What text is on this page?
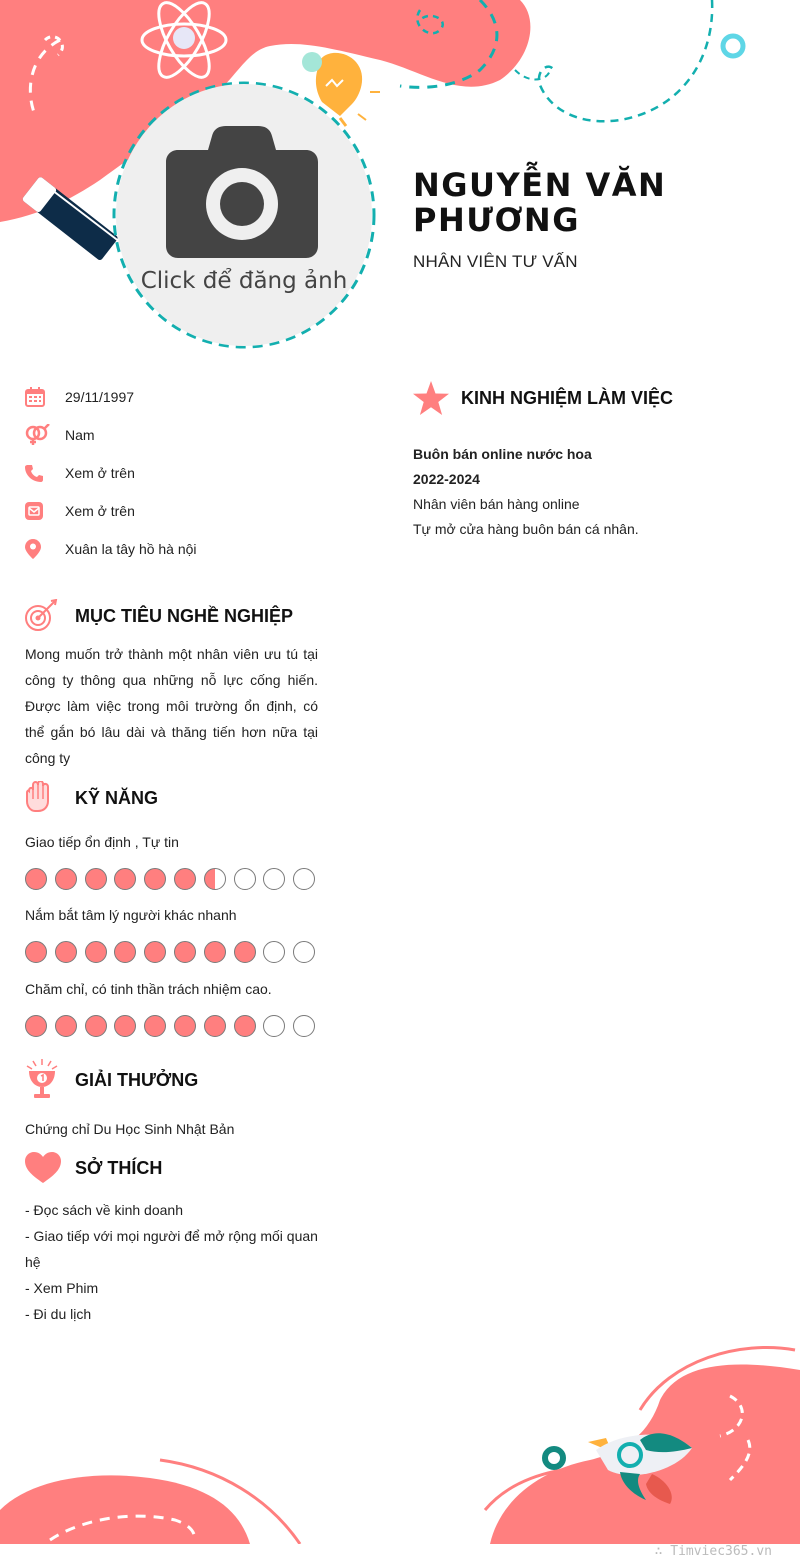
Click để đăng ảnh
NGUYỄN VĂN PHƯƠNG
NHÂN VIÊN TƯ VẤN
29/11/1997
Nam
Xem ở trên
Xem ở trên
Xuân la tây hồ hà nội
MỤC TIÊU NGHỀ NGHIỆP
Mong muốn trở thành một nhân viên ưu tú tại công ty thông qua những nỗ lực cống hiến. Được làm việc trong môi trường ổn định, có thể gắn bó lâu dài và thăng tiến hơn nữa tại công ty
KỸ NĂNG
Giao tiếp ổn định , Tự tin
Nắm bắt tâm lý người khác nhanh
Chăm chỉ, có tinh thần trách nhiệm cao.
GIẢI THƯỞNG
Chứng chỉ Du Học Sinh Nhật Bản
SỞ THÍCH
- Đọc sách về kinh doanh
- Giao tiếp với mọi người để mở rộng mối quan hệ
- Xem Phim
- Đi du lịch
KINH NGHIỆM LÀM VIỆC
Buôn bán online nước hoa
2022-2024
Nhân viên bán hàng online
Tự mở cửa hàng buôn bán cá nhân.
∴ Timviec365.vn
